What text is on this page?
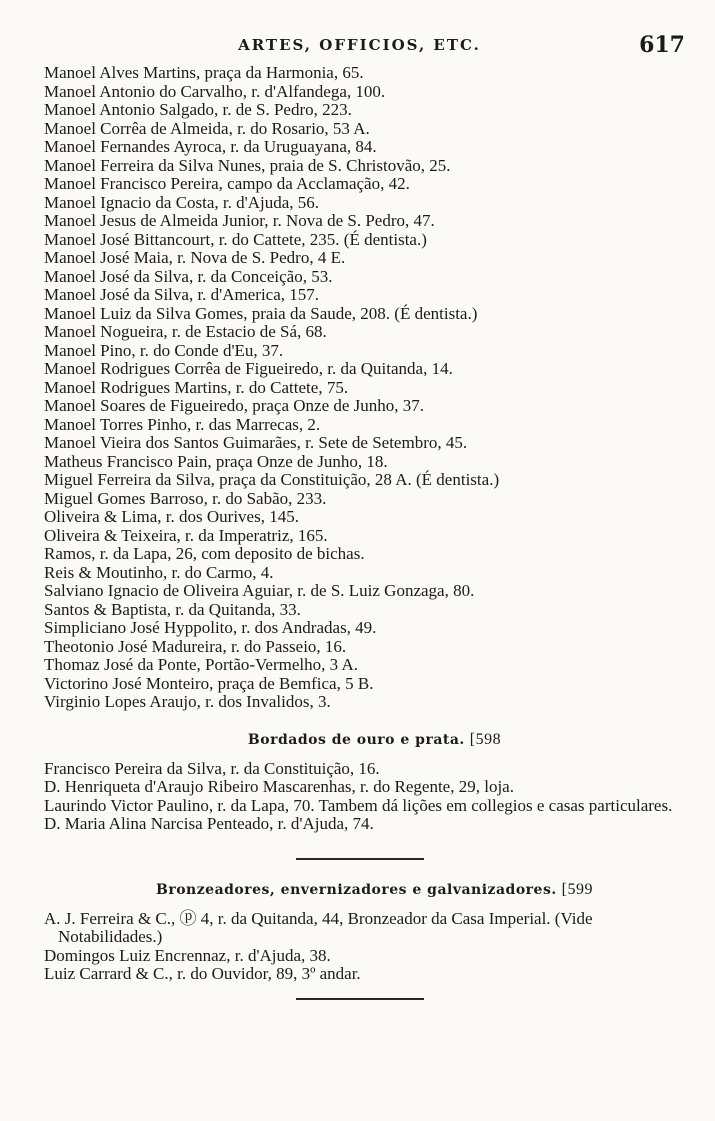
ARTES, OFFICIOS, ETC.	617
Manoel Alves Martins, praça da Harmonia, 65.
Manoel Antonio do Carvalho, r. d'Alfandega, 100.
Manoel Antonio Salgado, r. de S. Pedro, 223.
Manoel Corrêa de Almeida, r. do Rosario, 53 A.
Manoel Fernandes Ayroca, r. da Uruguayana, 84.
Manoel Ferreira da Silva Nunes, praia de S. Christovão, 25.
Manoel Francisco Pereira, campo da Acclamação, 42.
Manoel Ignacio da Costa, r. d'Ajuda, 56.
Manoel Jesus de Almeida Junior, r. Nova de S. Pedro, 47.
Manoel José Bittancourt, r. do Cattete, 235. (É dentista.)
Manoel José Maia, r. Nova de S. Pedro, 4 E.
Manoel José da Silva, r. da Conceição, 53.
Manoel José da Silva, r. d'America, 157.
Manoel Luiz da Silva Gomes, praia da Saude, 208. (É dentista.)
Manoel Nogueira, r. de Estacio de Sá, 68.
Manoel Pino, r. do Conde d'Eu, 37.
Manoel Rodrigues Corrêa de Figueiredo, r. da Quitanda, 14.
Manoel Rodrigues Martins, r. do Cattete, 75.
Manoel Soares de Figueiredo, praça Onze de Junho, 37.
Manoel Torres Pinho, r. das Marrecas, 2.
Manoel Vieira dos Santos Guimarães, r. Sete de Setembro, 45.
Matheus Francisco Pain, praça Onze de Junho, 18.
Miguel Ferreira da Silva, praça da Constituição, 28 A. (É dentista.)
Miguel Gomes Barroso, r. do Sabão, 233.
Oliveira & Lima, r. dos Ourives, 145.
Oliveira & Teixeira, r. da Imperatriz, 165.
Ramos, r. da Lapa, 26, com deposito de bichas.
Reis & Moutinho, r. do Carmo, 4.
Salviano Ignacio de Oliveira Aguiar, r. de S. Luiz Gonzaga, 80.
Santos & Baptista, r. da Quitanda, 33.
Simpliciano José Hyppolito, r. dos Andradas, 49.
Theotonio José Madureira, r. do Passeio, 16.
Thomaz José da Ponte, Portão-Vermelho, 3 A.
Victorino José Monteiro, praça de Bemfica, 5 B.
Virginio Lopes Araujo, r. dos Invalidos, 3.
Bordados de ouro e prata. [598
Francisco Pereira da Silva, r. da Constituição, 16.
D. Henriqueta d'Araujo Ribeiro Mascarenhas, r. do Regente, 29, loja.
Laurindo Victor Paulino, r. da Lapa, 70. Tambem dá lições em collegios e casas particulares.
D. Maria Alina Narcisa Penteado, r. d'Ajuda, 74.
Bronzeadores, envernizadores e galvanizadores. [599
A. J. Ferreira & C., ⓟ 4, r. da Quitanda, 44, Bronzeador da Casa Imperial. (Vide Notabilidades.)
Domingos Luiz Encrennaz, r. d'Ajuda, 38.
Luiz Carrard & C., r. do Ouvidor, 89, 3º andar.
